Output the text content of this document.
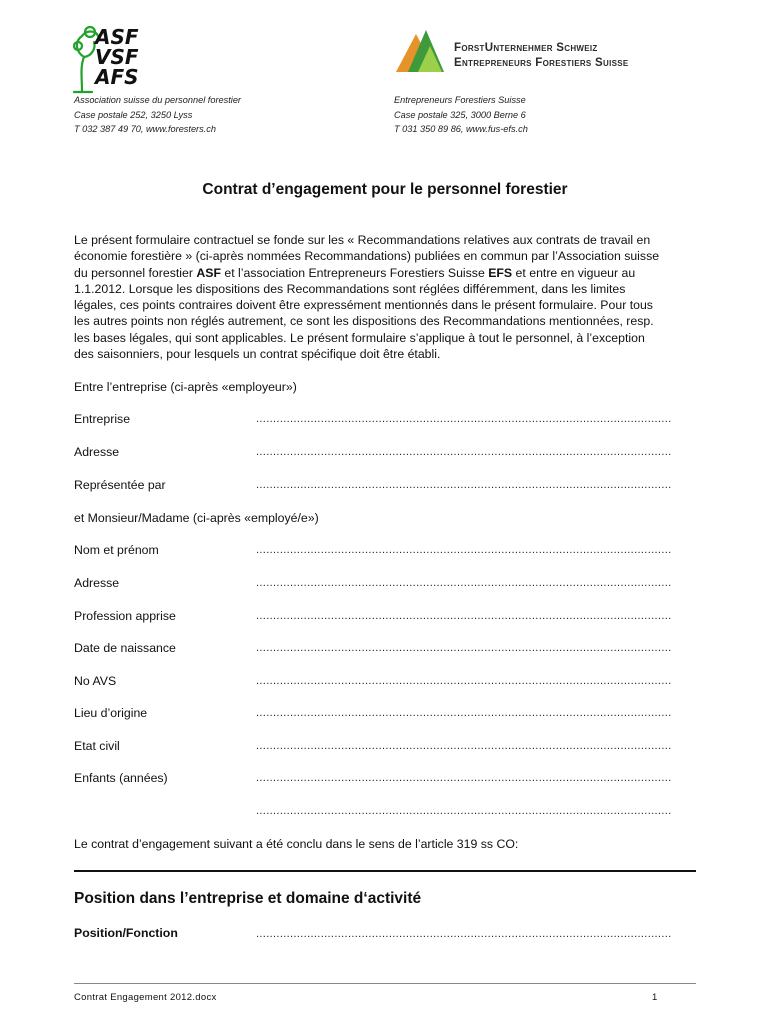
ASF
VSF
AFS
ForstUnternehmer Schweiz
Entrepreneurs Forestiers Suisse
Association suisse du personnel forestier
Case postale 252, 3250 Lyss
T 032 387 49 70, www.foresters.ch
Entrepreneurs Forestiers Suisse
Case postale 325, 3000 Berne 6
T 031 350 89 86, www.fus-efs.ch
Contrat d’engagement pour le personnel forestier
Le présent formulaire contractuel se fonde sur les « Recommandations relatives aux contrats de travail en
économie forestière » (ci-après nommées Recommandations) publiées en commun par l’Association suisse
du personnel forestier ASF et l’association Entrepreneurs Forestiers Suisse EFS et entre en vigueur au
1.1.2012. Lorsque les dispositions des Recommandations sont réglées différemment, dans les limites
légales, ces points contraires doivent être expressément mentionnés dans le présent formulaire. Pour tous
les autres points non réglés autrement, ce sont les dispositions des Recommandations mentionnées, resp.
les bases légales, qui sont applicables. Le présent formulaire s’applique à tout le personnel, à l’exception
des saisonniers, pour lesquels un contrat spécifique doit être établi.
Entre l’entreprise (ci-après «employeur»)
Entreprise	..........................................................................................................................
Adresse	..........................................................................................................................
Représentée par	..........................................................................................................................
et Monsieur/Madame (ci-après «employé/e»)
Nom et prénom	..........................................................................................................................
Adresse	..........................................................................................................................
Profession apprise	..........................................................................................................................
Date de naissance	..........................................................................................................................
No AVS	..........................................................................................................................
Lieu d’origine	..........................................................................................................................
Etat civil	..........................................................................................................................
Enfants (années)	..........................................................................................................................
..........................................................................................................................
Le contrat d’engagement suivant a été conclu dans le sens de l’article 319 ss CO:
Position dans l’entreprise et domaine d‘activité
Position/Fonction	..........................................................................................................................
Contrat Engagement 2012.docx	1
